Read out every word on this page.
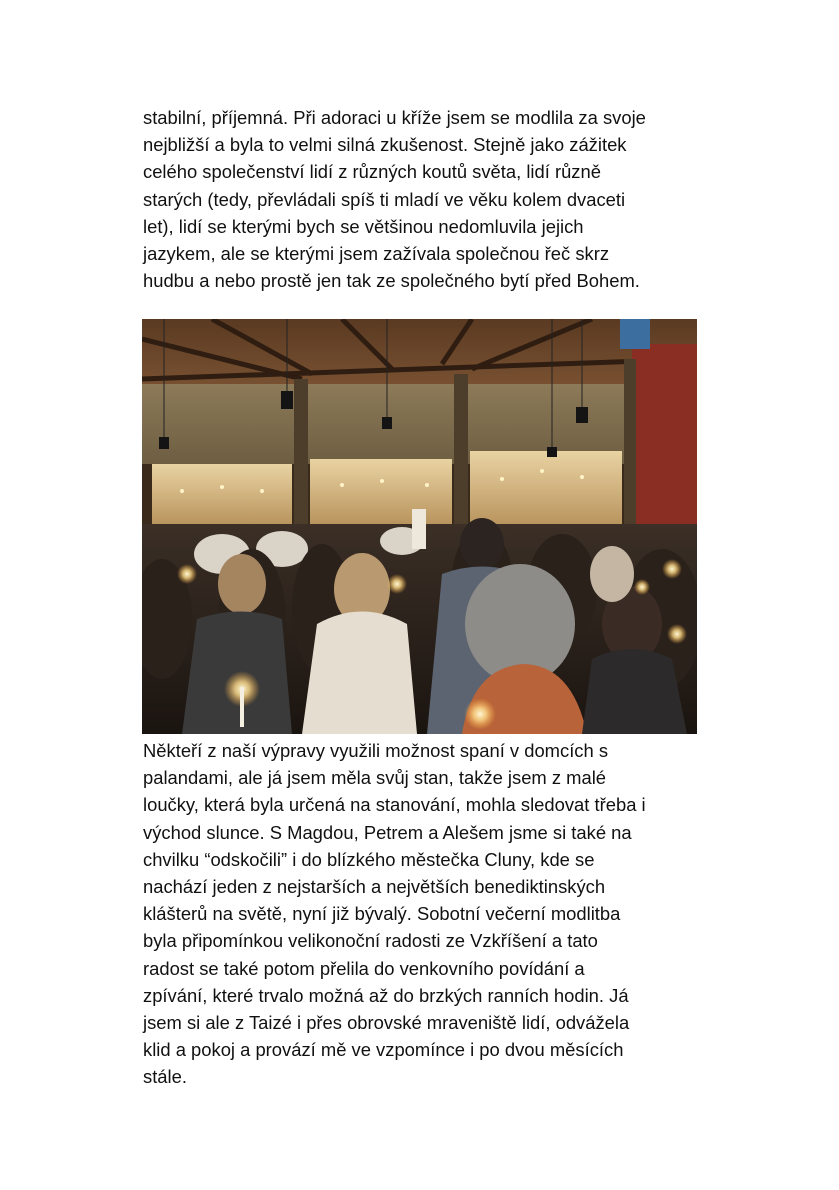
stabilní, příjemná. Při adoraci u kříže jsem se modlila za svoje
nejbližší a byla to velmi silná zkušenost. Stejně jako zážitek
celého společenství lidí z různých koutů světa, lidí různě
starých (tedy, převládali spíš ti mladí ve věku kolem dvaceti
let), lidí se kterými bych se většinou nedomluvila jejich
jazykem, ale se kterými jsem zažívala společnou řeč skrz
hudbu a nebo prostě jen tak ze společného bytí před Bohem.

Někteří z naší výpravy využili možnost spaní v domcích s
palandami, ale já jsem měla svůj stan, takže jsem z malé
loučky, která byla určená na stanování, mohla sledovat třeba i
východ slunce. S Magdou, Petrem a Alešem jsme si také na
chvilku “odskočili” i do blízkého městečka Cluny, kde se
nachází jeden z nejstarších a největších benediktinských
klášterů na světě, nyní již bývalý. Sobotní večerní modlitba
byla připomínkou velikonoční radosti ze Vzkříšení a tato
radost se také potom přelila do venkovního povídání a
zpívání, které trvalo možná až do brzkých ranních hodin. Já
jsem si ale z Taizé i přes obrovské mraveniště lidí, odvážela
klid a pokoj a provází mě ve vzpomínce i po dvou měsících
stále.
